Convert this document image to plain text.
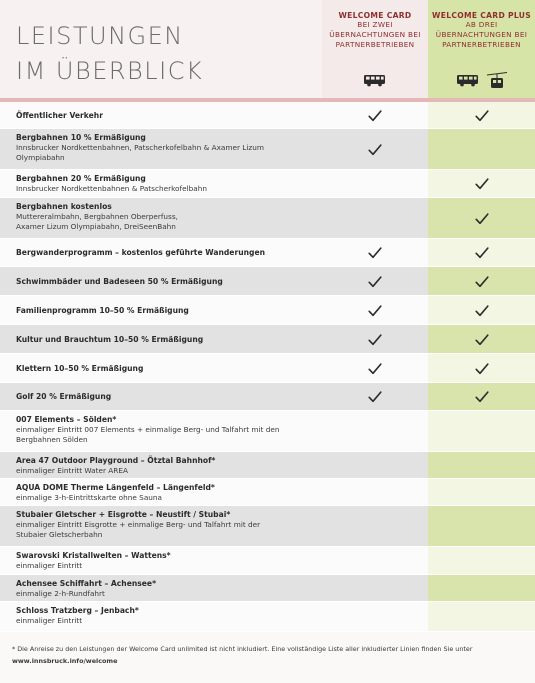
LEISTUNGEN
IM ÜBERBLICK
WELCOME CARD
BEI ZWEI
ÜBERNACHTUNGEN BEI
PARTNERBETRIEBEN
WELCOME CARD PLUS
AB DREI
ÜBERNACHTUNGEN BEI
PARTNERBETRIEBEN

Öffentlicher Verkehr
Bergbahnen 10 % Ermäßigung
Innsbrucker Nordkettenbahnen, Patscherkofelbahn & Axamer Lizum
Olympiabahn
Bergbahnen 20 % Ermäßigung
Innsbrucker Nordkettenbahnen & Patscherkofelbahn
Bergbahnen kostenlos
Muttereralmbahn, Bergbahnen Oberperfuss,
Axamer Lizum Olympiabahn, DreiSeenBahn
Bergwanderprogramm – kostenlos geführte Wanderungen
Schwimmbäder und Badeseen 50 % Ermäßigung
Familienprogramm 10–50 % Ermäßigung
Kultur und Brauchtum 10–50 % Ermäßigung
Klettern 10–50 % Ermäßigung
Golf 20 % Ermäßigung
007 Elements – Sölden*
einmaliger Eintritt 007 Elements + einmalige Berg- und Talfahrt mit den
Bergbahnen Sölden
Area 47 Outdoor Playground – Ötztal Bahnhof*
einmaliger Eintritt Water AREA
AQUA DOME Therme Längenfeld – Längenfeld*
einmalige 3-h-Eintrittskarte ohne Sauna
Stubaier Gletscher + Eisgrotte – Neustift / Stubai*
einmaliger Eintritt Eisgrotte + einmalige Berg- und Talfahrt mit der
Stubaier Gletscherbahn
Swarovski Kristallwelten – Wattens*
einmaliger Eintritt
Achensee Schiffahrt – Achensee*
einmalige 2-h-Rundfahrt
Schloss Tratzberg – Jenbach*
einmaliger Eintritt
* Die Anreise zu den Leistungen der Welcome Card unlimited ist nicht inkludiert. Eine vollständige Liste aller inkludierter Linien finden Sie unter
www.innsbruck.info/welcome
